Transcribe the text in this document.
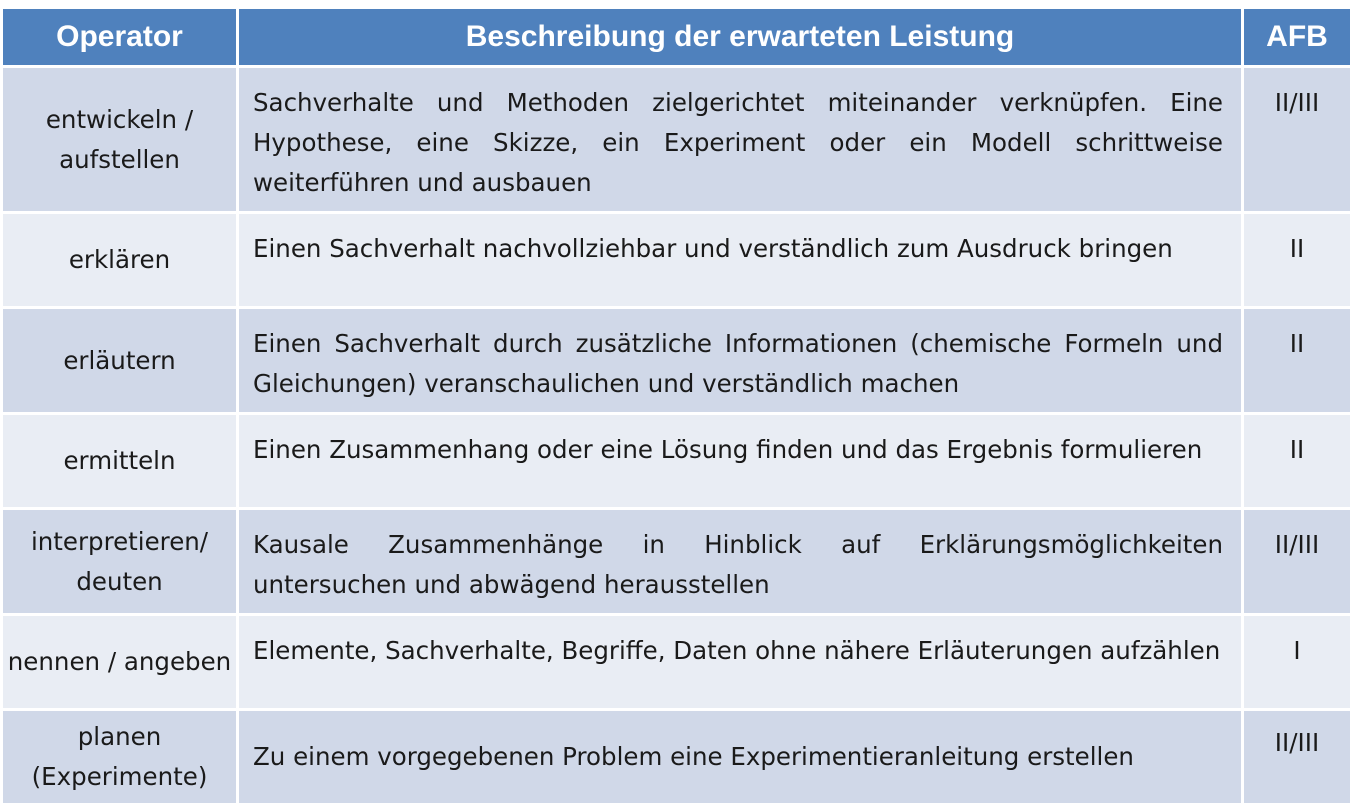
Operator	Beschreibung der erwarteten Leistung	AFB
entwickeln / aufstellen	Sachverhalte und Methoden zielgerichtet miteinander verknüpfen. Eine Hypothese, eine Skizze, ein Experiment oder ein Modell schrittweise weiterführen und ausbauen	II/III
erklären	Einen Sachverhalt nachvollziehbar und verständlich zum Ausdruck bringen	II
erläutern	Einen Sachverhalt durch zusätzliche Informationen (chemische Formeln und Gleichungen) veranschaulichen und verständlich machen	II
ermitteln	Einen Zusammenhang oder eine Lösung finden und das Ergebnis formulieren	II
interpretieren/ deuten	Kausale Zusammenhänge in Hinblick auf Erklärungsmöglichkeiten untersuchen und abwägend herausstellen	II/III
nennen / angeben	Elemente, Sachverhalte, Begriffe, Daten ohne nähere Erläuterungen aufzählen	I
planen (Experimente)	Zu einem vorgegebenen Problem eine Experimentieranleitung erstellen	II/III
